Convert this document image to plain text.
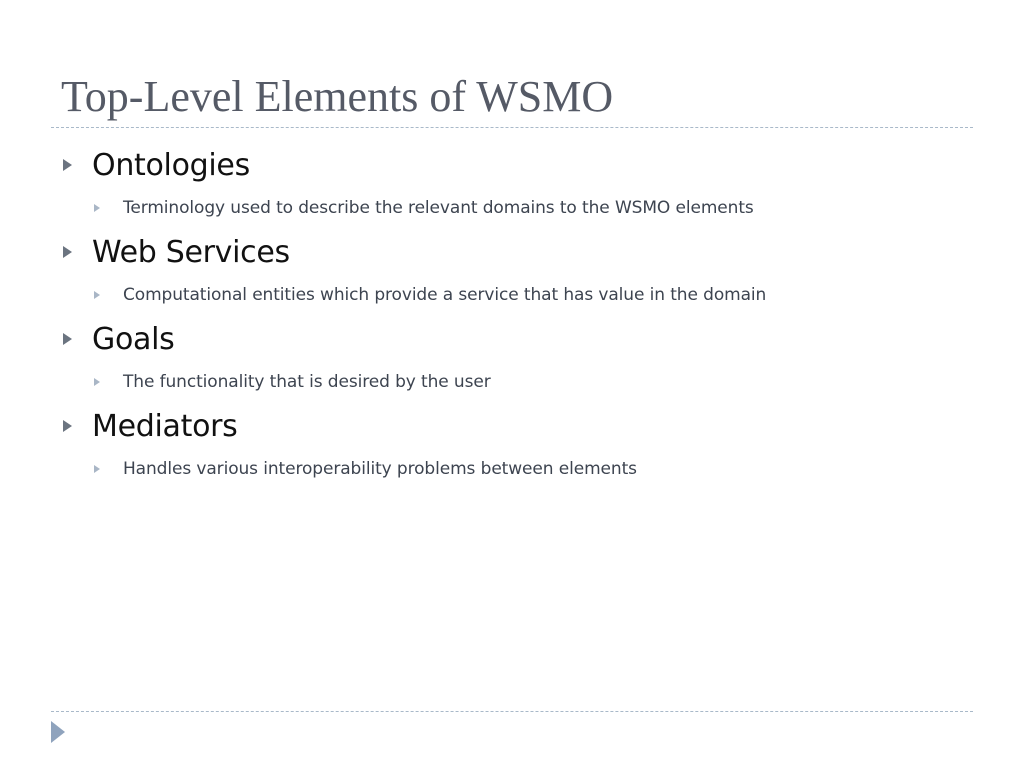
Top-Level Elements of WSMO
Ontologies
Terminology used to describe the relevant domains to the WSMO elements
Web Services
Computational entities which provide a service that has value in the domain
Goals
The functionality that is desired by the user
Mediators
Handles various interoperability problems between elements
